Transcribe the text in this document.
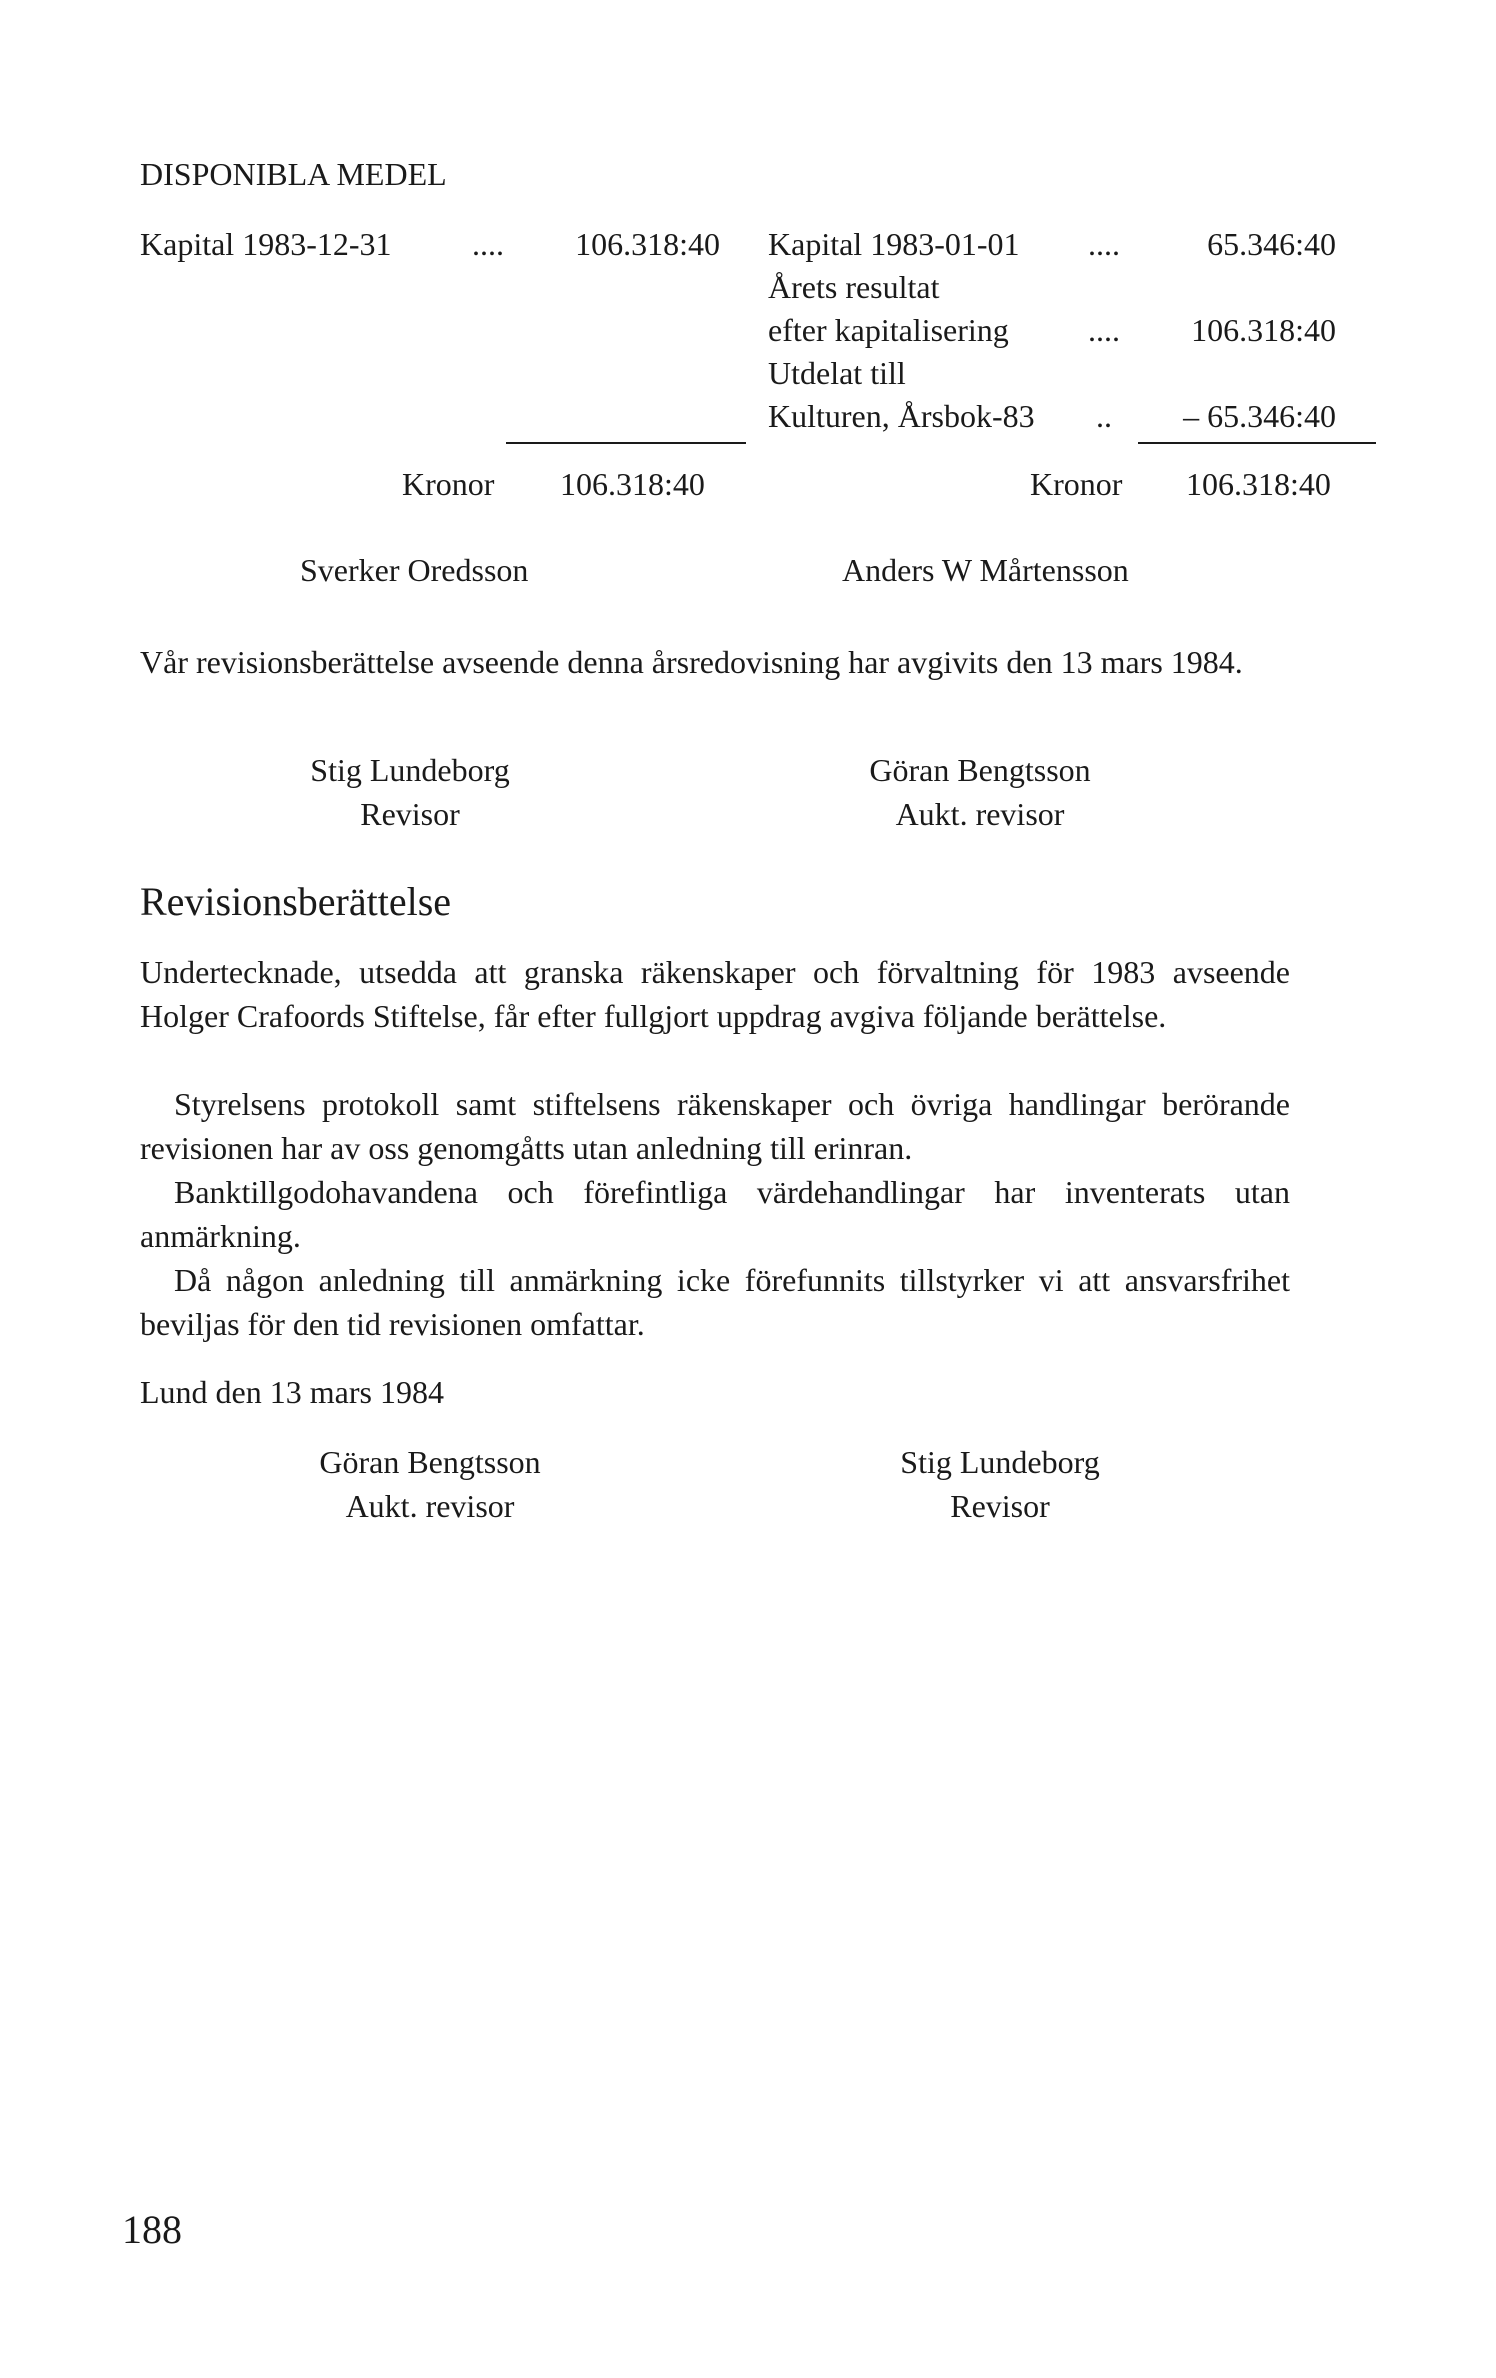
DISPONIBLA MEDEL
Kapital 1983-12-31	....	106.318:40
Kronor 106.318:40
Kapital 1983-01-01 ....	65.346:40
Årets resultat
efter kapitalisering ....	106.318:40
Utdelat till
Kulturen, Årsbok-83 ..	– 65.346:40
Kronor 106.318:40
Sverker Oredsson	Anders W Mårtensson
Vår revisionsberättelse avseende denna årsredovisning har avgivits den 13 mars 1984.
Stig Lundeborg
Revisor
Göran Bengtsson
Aukt. revisor
Revisionsberättelse
Undertecknade, utsedda att granska räkenskaper och förvaltning för 1983 avseende Holger Crafoords Stiftelse, får efter fullgjort uppdrag avgiva följande berättelse.
Styrelsens protokoll samt stiftelsens räkenskaper och övriga handlingar berörande revisionen har av oss genomgåtts utan anledning till erinran.
Banktillgodohavandena och förefintliga värdehandlingar har inventerats utan anmärkning.
Då någon anledning till anmärkning icke förefunnits tillstyrker vi att ansvarsfrihet beviljas för den tid revisionen omfattar.
Lund den 13 mars 1984
Göran Bengtsson
Aukt. revisor
Stig Lundeborg
Revisor
188
